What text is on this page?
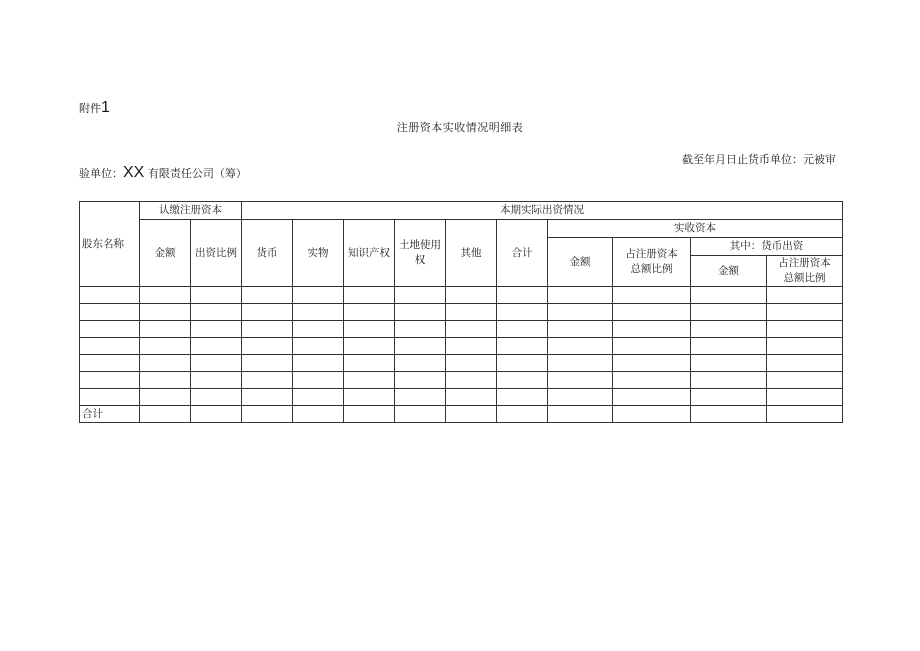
附件1
注册资本实收情况明细表
截至年月日止货币单位：元被审
验单位：XX 有限责任公司（筹）
股东名称	认缴注册资本		本期实际出资情况									
	金额	出资比例	货币	实物	知识产权	土地使用权	其他	合计	实收资本			
									金额	占注册资本总额比例	其中：货币出资	
											金额	占注册资本总额比例

合计												
